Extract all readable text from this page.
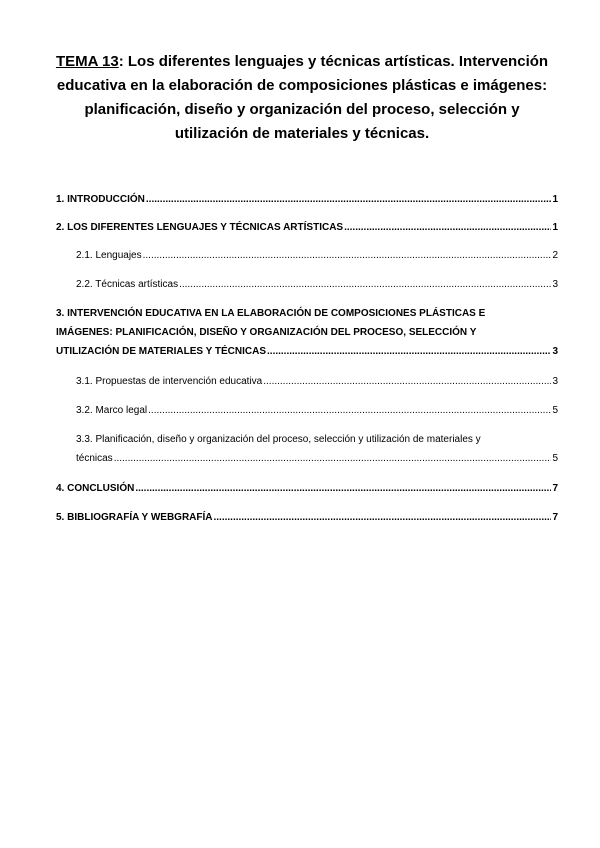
TEMA 13: Los diferentes lenguajes y técnicas artísticas. Intervención educativa en la elaboración de composiciones plásticas e imágenes: planificación, diseño y organización del proceso, selección y utilización de materiales y técnicas.
1. INTRODUCCIÓN .....	1
2. LOS DIFERENTES LENGUAJES Y TÉCNICAS ARTÍSTICAS .....	1
2.1. Lenguajes .....	2
2.2. Técnicas artísticas .....	3
3. INTERVENCIÓN EDUCATIVA EN LA ELABORACIÓN DE COMPOSICIONES PLÁSTICAS E
IMÁGENES: PLANIFICACIÓN, DISEÑO Y ORGANIZACIÓN DEL PROCESO, SELECCIÓN Y
UTILIZACIÓN DE MATERIALES Y TÉCNICAS .....	3
3.1. Propuestas de intervención educativa .....	3
3.2. Marco legal .....	5
3.3. Planificación, diseño y organización del proceso, selección y utilización de materiales y
técnicas .....	5
4. CONCLUSIÓN .....	7
5. BIBLIOGRAFÍA Y WEBGRAFÍA .....	7
